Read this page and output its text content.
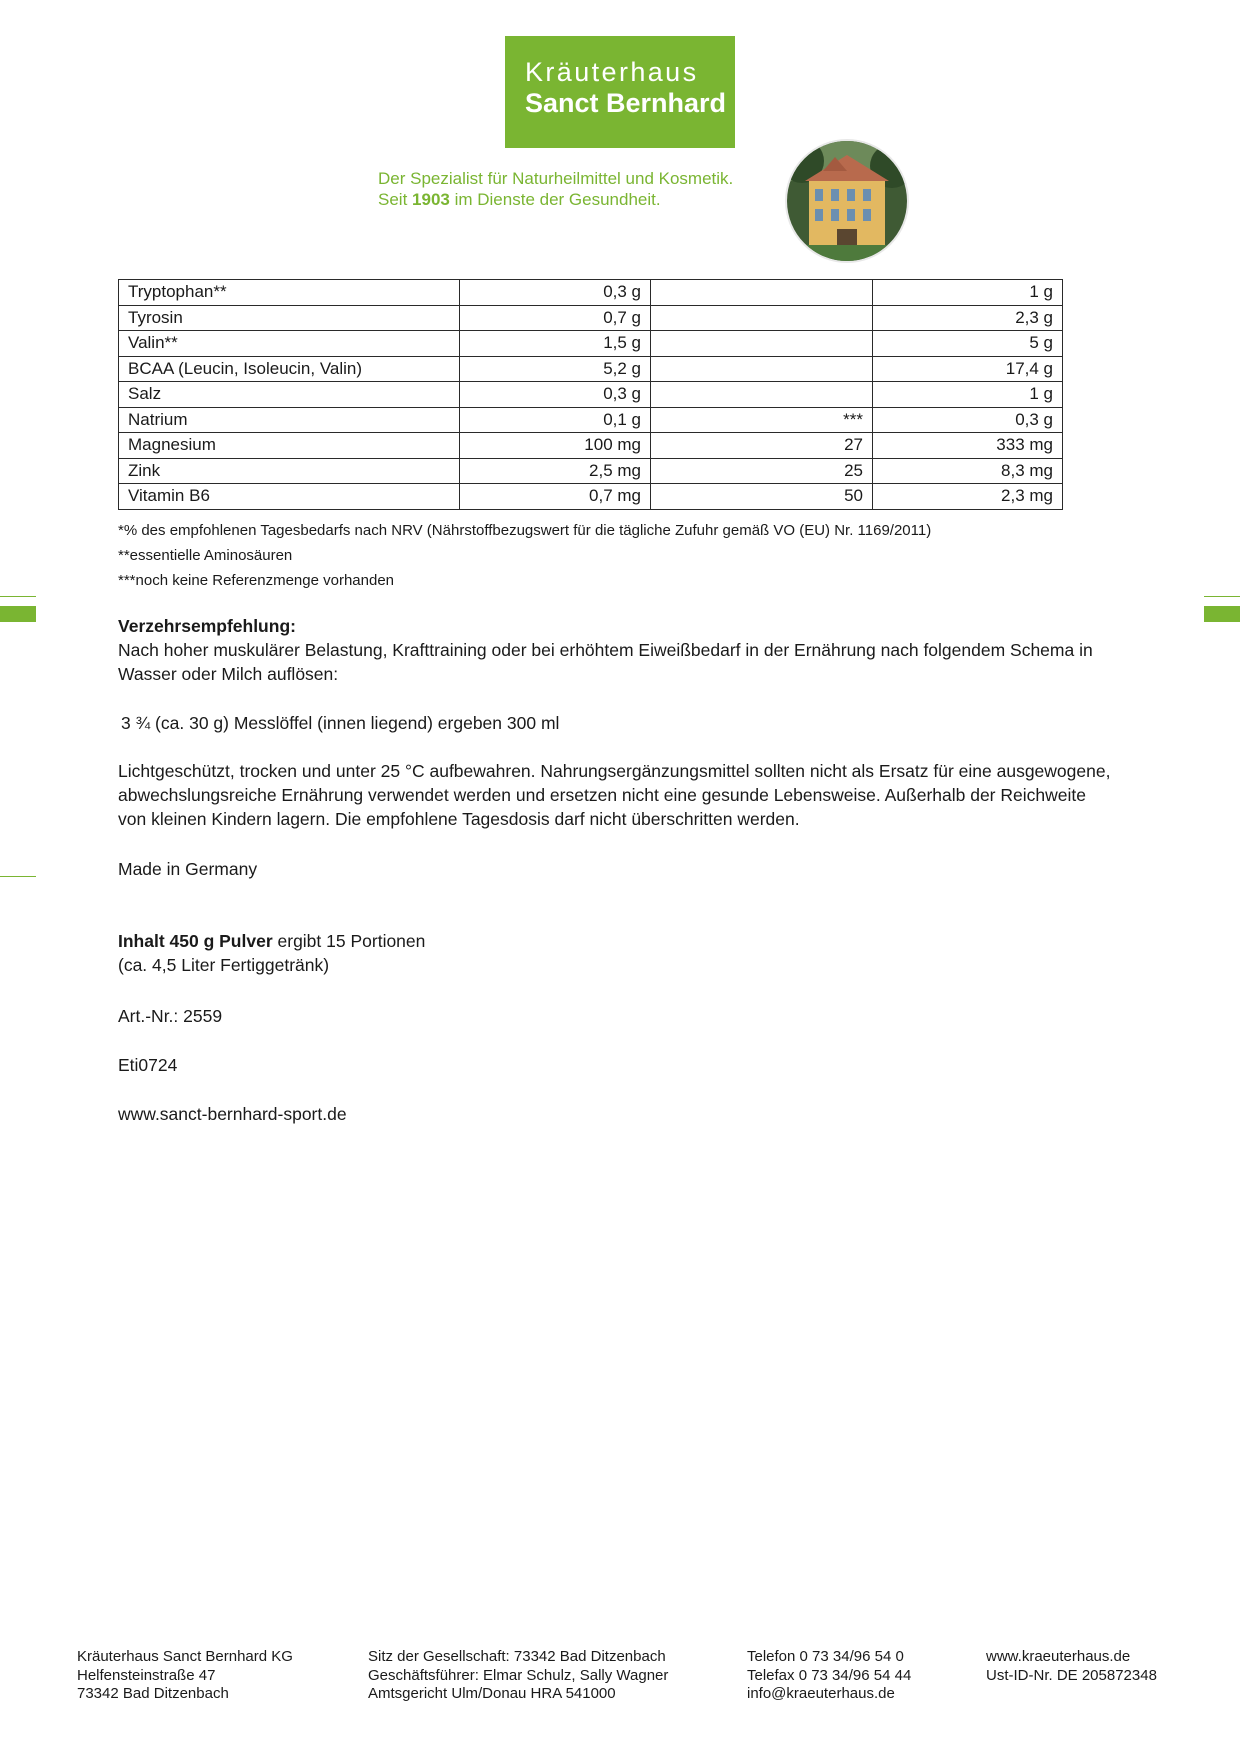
Kräuterhaus
Sanct Bernhard
Der Spezialist für Naturheilmittel und Kosmetik.
Seit 1903 im Dienste der Gesundheit.
Tryptophan**	0,3 g		1 g
Tyrosin	0,7 g		2,3 g
Valin**	1,5 g		5 g
BCAA (Leucin, Isoleucin, Valin)	5,2 g		17,4 g
Salz	0,3 g		1 g
Natrium	0,1 g	***	0,3 g
Magnesium	100 mg	27	333 mg
Zink	2,5 mg	25	8,3 mg
Vitamin B6	0,7 mg	50	2,3 mg
*% des empfohlenen Tagesbedarfs nach NRV (Nährstoffbezugswert für die tägliche Zufuhr gemäß VO (EU) Nr. 1169/2011)
**essentielle Aminosäuren
***noch keine Referenzmenge vorhanden
Verzehrsempfehlung:
Nach hoher muskulärer Belastung, Krafttraining oder bei erhöhtem Eiweißbedarf in der Ernährung nach folgendem Schema in Wasser oder Milch auflösen:
3 ¾ (ca. 30 g) Messlöffel (innen liegend) ergeben 300 ml
Lichtgeschützt, trocken und unter 25 °C aufbewahren. Nahrungsergänzungsmittel sollten nicht als Ersatz für eine ausgewogene, abwechslungsreiche Ernährung verwendet werden und ersetzen nicht eine gesunde Lebensweise. Außerhalb der Reichweite von kleinen Kindern lagern. Die empfohlene Tagesdosis darf nicht überschritten werden.
Made in Germany
Inhalt 450 g Pulver ergibt 15 Portionen
(ca. 4,5 Liter Fertiggetränk)
Art.-Nr.: 2559
Eti0724
www.sanct-bernhard-sport.de
Kräuterhaus Sanct Bernhard KG
Helfensteinstraße 47
73342 Bad Ditzenbach
Sitz der Gesellschaft: 73342 Bad Ditzenbach
Geschäftsführer: Elmar Schulz, Sally Wagner
Amtsgericht Ulm/Donau HRA 541000
Telefon 0 73 34/96 54 0
Telefax 0 73 34/96 54 44
info@kraeuterhaus.de
www.kraeuterhaus.de
Ust-ID-Nr. DE 205872348
